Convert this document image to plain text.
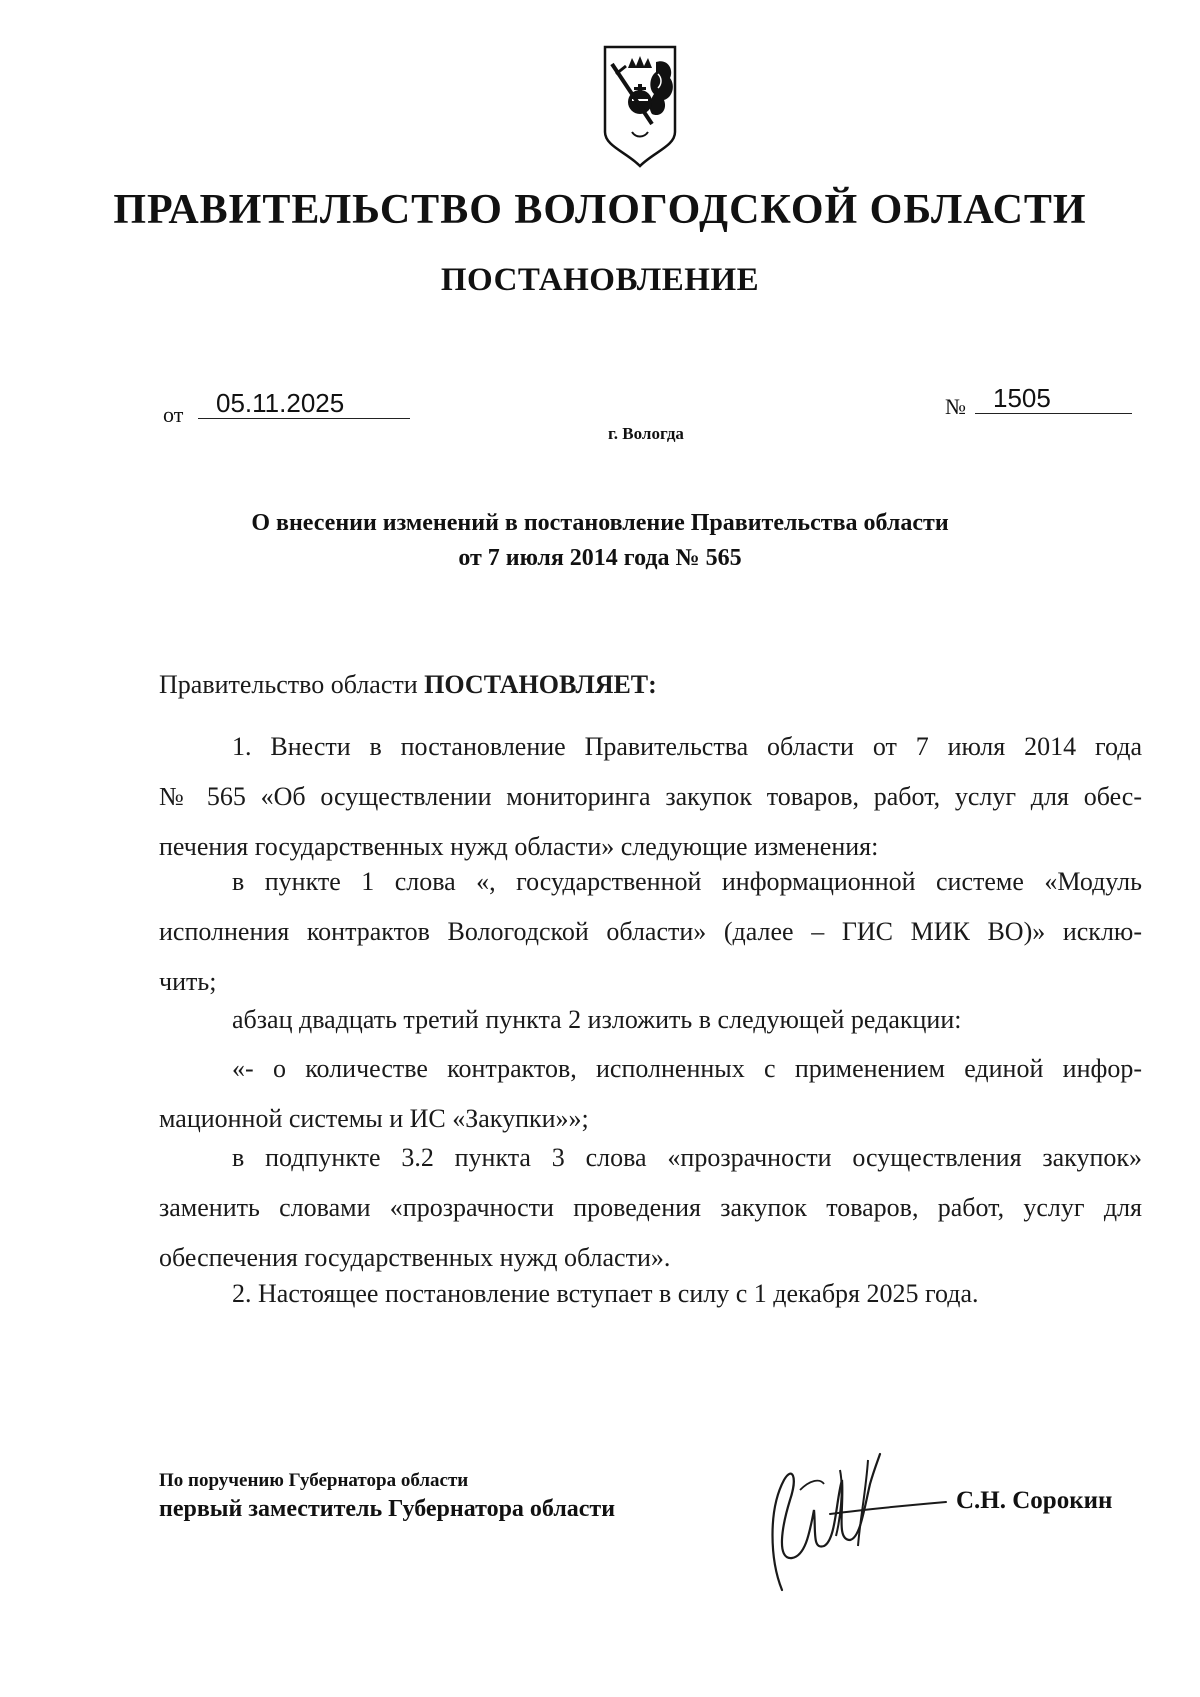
ПРАВИТЕЛЬСТВО ВОЛОГОДСКОЙ ОБЛАСТИ
ПОСТАНОВЛЕНИЕ
от	05.11.2025
г. Вологда
№	1505
О внесении изменений в постановление Правительства области
от 7 июля 2014 года № 565
Правительство области ПОСТАНОВЛЯЕТ:
1. Внести в постановление Правительства области от 7 июля 2014 года
№ 565 «Об осуществлении мониторинга закупок товаров, работ, услуг для обес-
печения государственных нужд области» следующие изменения:
в пункте 1 слова «, государственной информационной системе «Модуль
исполнения контрактов Вологодской области» (далее – ГИС МИК ВО)» исклю-
чить;
абзац двадцать третий пункта 2 изложить в следующей редакции:
«- о количестве контрактов, исполненных с применением единой инфор-
мационной системы и ИС «Закупки»»;
в подпункте 3.2 пункта 3 слова «прозрачности осуществления закупок»
заменить словами «прозрачности проведения закупок товаров, работ, услуг для
обеспечения государственных нужд области».
2. Настоящее постановление вступает в силу с 1 декабря 2025 года.
По поручению Губернатора области
первый заместитель Губернатора области	С.Н. Сорокин
